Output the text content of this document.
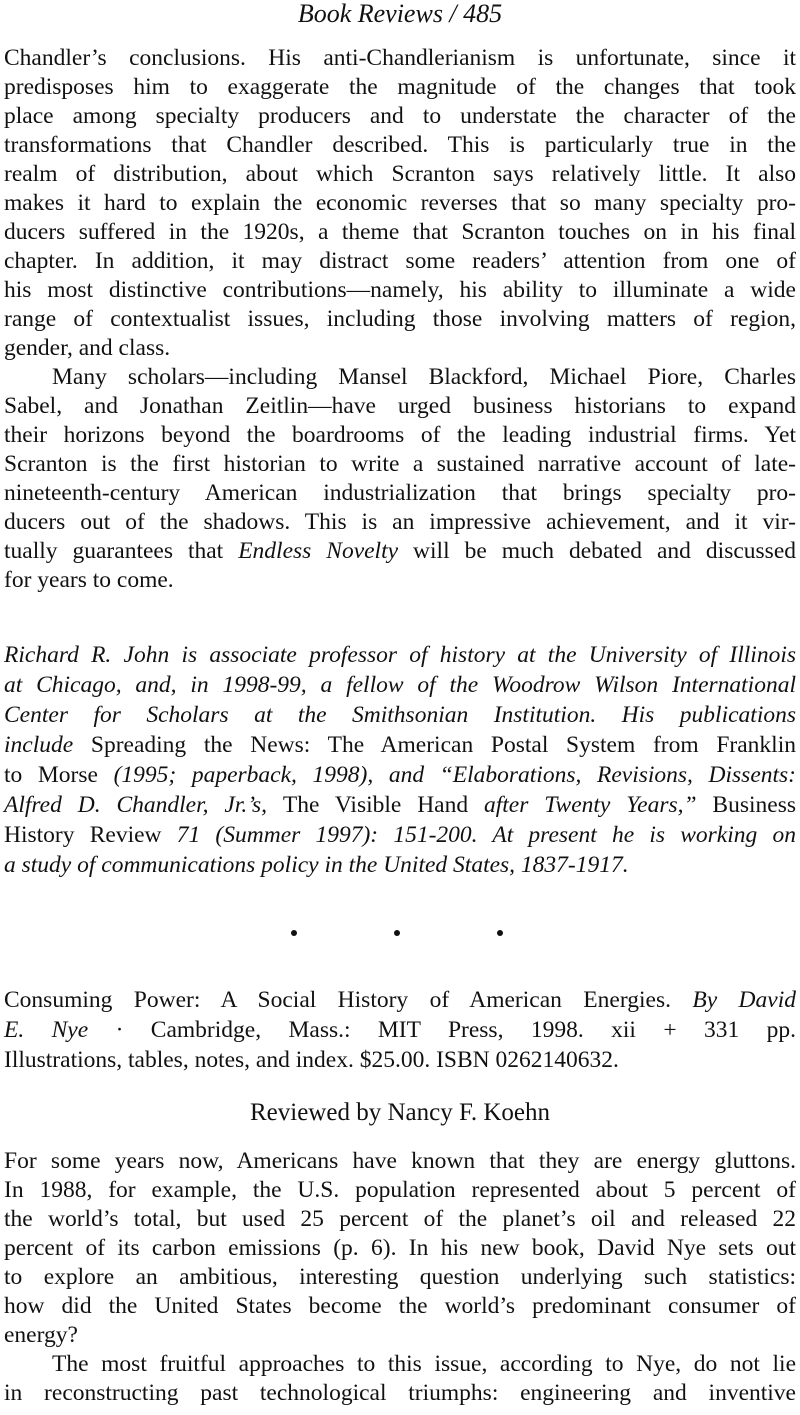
Book Reviews / 485
Chandler’s conclusions. His anti-Chandlerianism is unfortunate, since it
predisposes him to exaggerate the magnitude of the changes that took
place among specialty producers and to understate the character of the
transformations that Chandler described. This is particularly true in the
realm of distribution, about which Scranton says relatively little. It also
makes it hard to explain the economic reverses that so many specialty pro-
ducers suffered in the 1920s, a theme that Scranton touches on in his final
chapter. In addition, it may distract some readers’ attention from one of
his most distinctive contributions—namely, his ability to illuminate a wide
range of contextualist issues, including those involving matters of region,
gender, and class.
Many scholars—including Mansel Blackford, Michael Piore, Charles
Sabel, and Jonathan Zeitlin—have urged business historians to expand
their horizons beyond the boardrooms of the leading industrial firms. Yet
Scranton is the first historian to write a sustained narrative account of late-
nineteenth-century American industrialization that brings specialty pro-
ducers out of the shadows. This is an impressive achievement, and it vir-
tually guarantees that Endless Novelty will be much debated and discussed
for years to come.
Richard R. John is associate professor of history at the University of Illinois
at Chicago, and, in 1998-99, a fellow of the Woodrow Wilson International
Center for Scholars at the Smithsonian Institution. His publications
include Spreading the News: The American Postal System from Franklin
to Morse (1995; paperback, 1998), and “Elaborations, Revisions, Dissents:
Alfred D. Chandler, Jr.’s, The Visible Hand after Twenty Years,” Business
History Review 71 (Summer 1997): 151-200. At present he is working on
a study of communications policy in the United States, 1837-1917.
Consuming Power: A Social History of American Energies. By David
E. Nye · Cambridge, Mass.: MIT Press, 1998. xii + 331 pp.
Illustrations, tables, notes, and index. $25.00. ISBN 0262140632.
Reviewed by Nancy F. Koehn
For some years now, Americans have known that they are energy gluttons.
In 1988, for example, the U.S. population represented about 5 percent of
the world’s total, but used 25 percent of the planet’s oil and released 22
percent of its carbon emissions (p. 6). In his new book, David Nye sets out
to explore an ambitious, interesting question underlying such statistics:
how did the United States become the world’s predominant consumer of
energy?
The most fruitful approaches to this issue, according to Nye, do not lie
in reconstructing past technological triumphs: engineering and inventive
